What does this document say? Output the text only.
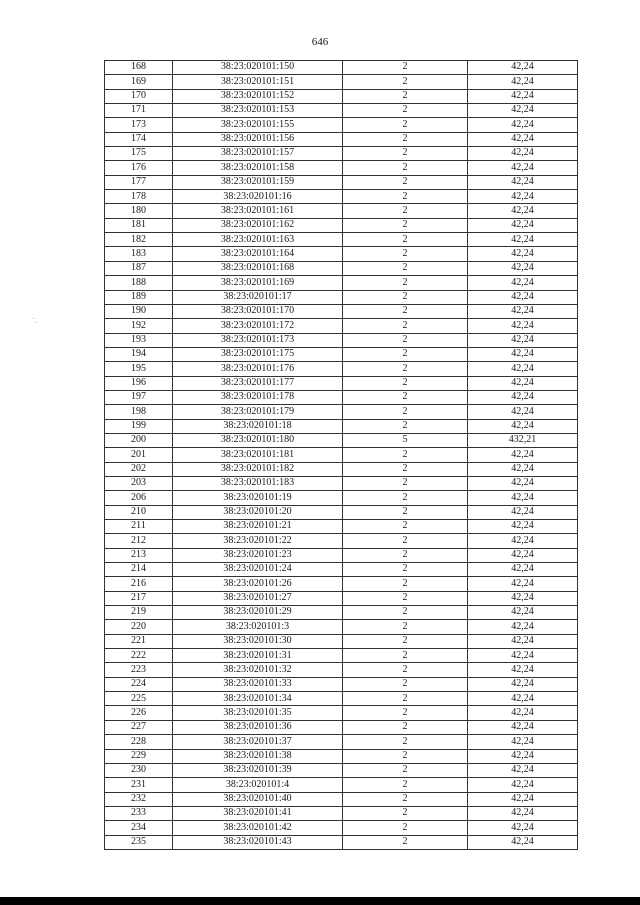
646
168	38:23:020101:150	2	42,24
169	38:23:020101:151	2	42,24
170	38:23:020101:152	2	42,24
171	38:23:020101:153	2	42,24
173	38:23:020101:155	2	42,24
174	38:23:020101:156	2	42,24
175	38:23:020101:157	2	42,24
176	38:23:020101:158	2	42,24
177	38:23:020101:159	2	42,24
178	38:23:020101:16	2	42,24
180	38:23:020101:161	2	42,24
181	38:23:020101:162	2	42,24
182	38:23:020101:163	2	42,24
183	38:23:020101:164	2	42,24
187	38:23:020101:168	2	42,24
188	38:23:020101:169	2	42,24
189	38:23:020101:17	2	42,24
190	38:23:020101:170	2	42,24
192	38:23:020101:172	2	42,24
193	38:23:020101:173	2	42,24
194	38:23:020101:175	2	42,24
195	38:23:020101:176	2	42,24
196	38:23:020101:177	2	42,24
197	38:23:020101:178	2	42,24
198	38:23:020101:179	2	42,24
199	38:23:020101:18	2	42,24
200	38:23:020101:180	5	432,21
201	38:23:020101:181	2	42,24
202	38:23:020101:182	2	42,24
203	38:23:020101:183	2	42,24
206	38:23:020101:19	2	42,24
210	38:23:020101:20	2	42,24
211	38:23:020101:21	2	42,24
212	38:23:020101:22	2	42,24
213	38:23:020101:23	2	42,24
214	38:23:020101:24	2	42,24
216	38:23:020101:26	2	42,24
217	38:23:020101:27	2	42,24
219	38:23:020101:29	2	42,24
220	38:23:020101:3	2	42,24
221	38:23:020101:30	2	42,24
222	38:23:020101:31	2	42,24
223	38:23:020101:32	2	42,24
224	38:23:020101:33	2	42,24
225	38:23:020101:34	2	42,24
226	38:23:020101:35	2	42,24
227	38:23:020101:36	2	42,24
228	38:23:020101:37	2	42,24
229	38:23:020101:38	2	42,24
230	38:23:020101:39	2	42,24
231	38:23:020101:4	2	42,24
232	38:23:020101:40	2	42,24
233	38:23:020101:41	2	42,24
234	38:23:020101:42	2	42,24
235	38:23:020101:43	2	42,24
